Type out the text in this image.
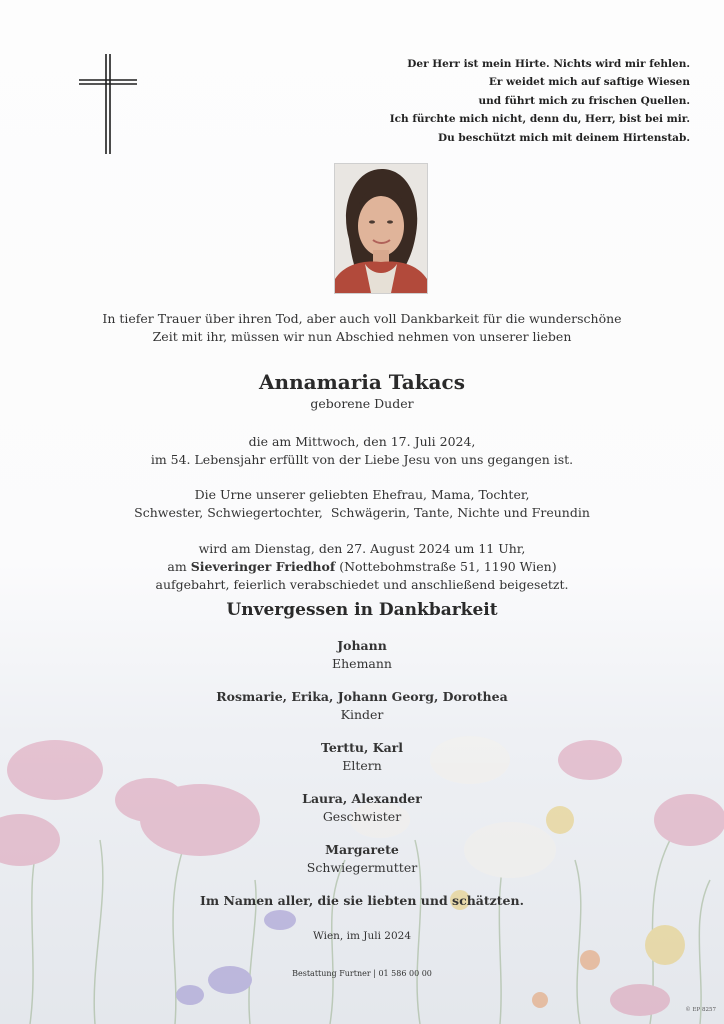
Der Herr ist mein Hirte. Nichts wird mir fehlen.
Er weidet mich auf saftige Wiesen
und führt mich zu frischen Quellen.
Ich fürchte mich nicht, denn du, Herr, bist bei mir.
Du beschützt mich mit deinem Hirtenstab.
In tiefer Trauer über ihren Tod, aber auch voll Dankbarkeit für die wunderschöne
Zeit mit ihr, müssen wir nun Abschied nehmen von unserer lieben
Annamaria Takacs
geborene Duder
die am Mittwoch, den 17. Juli 2024,
im 54. Lebensjahr erfüllt von der Liebe Jesu von uns gegangen ist.
Die Urne unserer geliebten Ehefrau, Mama, Tochter,
Schwester, Schwiegertochter,  Schwägerin, Tante, Nichte und Freundin
wird am Dienstag, den 27. August 2024 um 11 Uhr,
am Sieveringer Friedhof (Nottebohmstraße 51, 1190 Wien)
aufgebahrt, feierlich verabschiedet und anschließend beigesetzt.
Unvergessen in Dankbarkeit
Johann
Ehemann
Rosmarie, Erika, Johann Georg, Dorothea
Kinder
Terttu, Karl
Eltern
Laura, Alexander
Geschwister
Margarete
Schwiegermutter
Im Namen aller, die sie liebten und schätzten.
Wien, im Juli 2024
Bestattung Furtner | 01 586 00 00
© EP 8257
